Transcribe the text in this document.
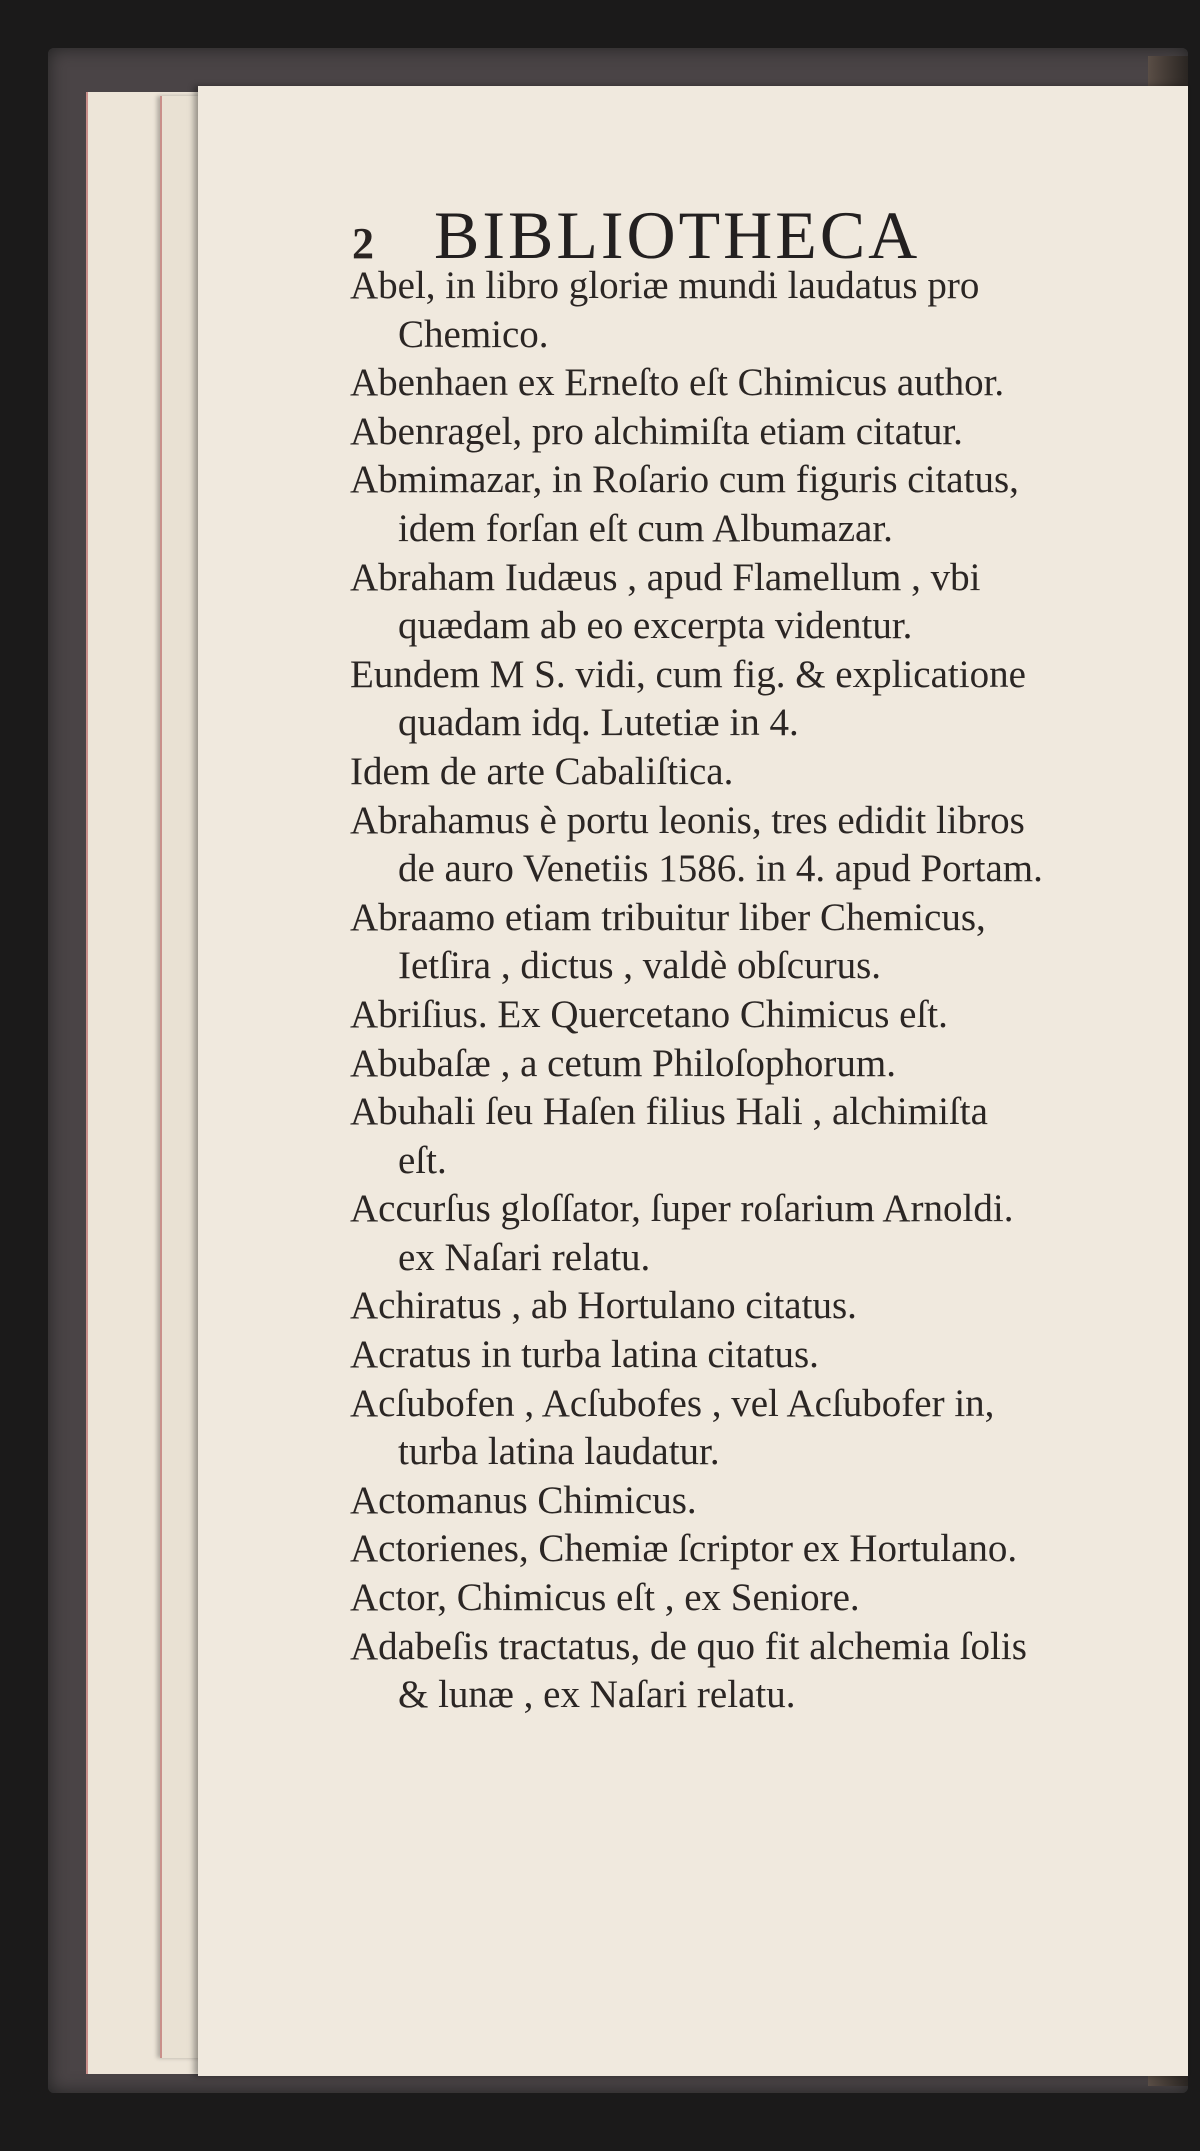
2 BIBLIOTHECA

Abel, in libro gloriæ mundi laudatus pro
Chemico.

Abenhaen ex Erneſto eſt Chimicus author.

Abenragel, pro alchimiſta etiam citatur.

Abmimazar, in Roſario cum figuris citatus,
idem forſan eſt cum Albumazar.

Abraham Iudæus , apud Flamellum , vbi
quædam ab eo excerpta videntur.

Eundem M S. vidi, cum fig. & explicatione
quadam idq. Lutetiæ in 4.

Idem de arte Cabaliſtica.

Abrahamus è portu leonis, tres edidit libros
de auro Venetiis 1586. in 4. apud Portam.

Abraamo etiam tribuitur liber Chemicus,
Ietſira , dictus , valdè obſcurus.

Abriſius. Ex Quercetano Chimicus eſt.

Abubaſæ , a cetum Philoſophorum.

Abuhali ſeu Haſen filius Hali , alchimiſta
eſt.

Accurſus gloſſator, ſuper roſarium Arnoldi.
ex Naſari relatu.

Achiratus , ab Hortulano citatus.

Acratus in turba latina citatus.

Acſubofen , Acſubofes , vel Acſubofer in,
turba latina laudatur.

Actomanus Chimicus.

Actorienes, Chemiæ ſcriptor ex Hortulano.

Actor, Chimicus eſt , ex Seniore.

Adabeſis tractatus, de quo fit alchemia ſolis
& lunæ , ex Naſari relatu.
